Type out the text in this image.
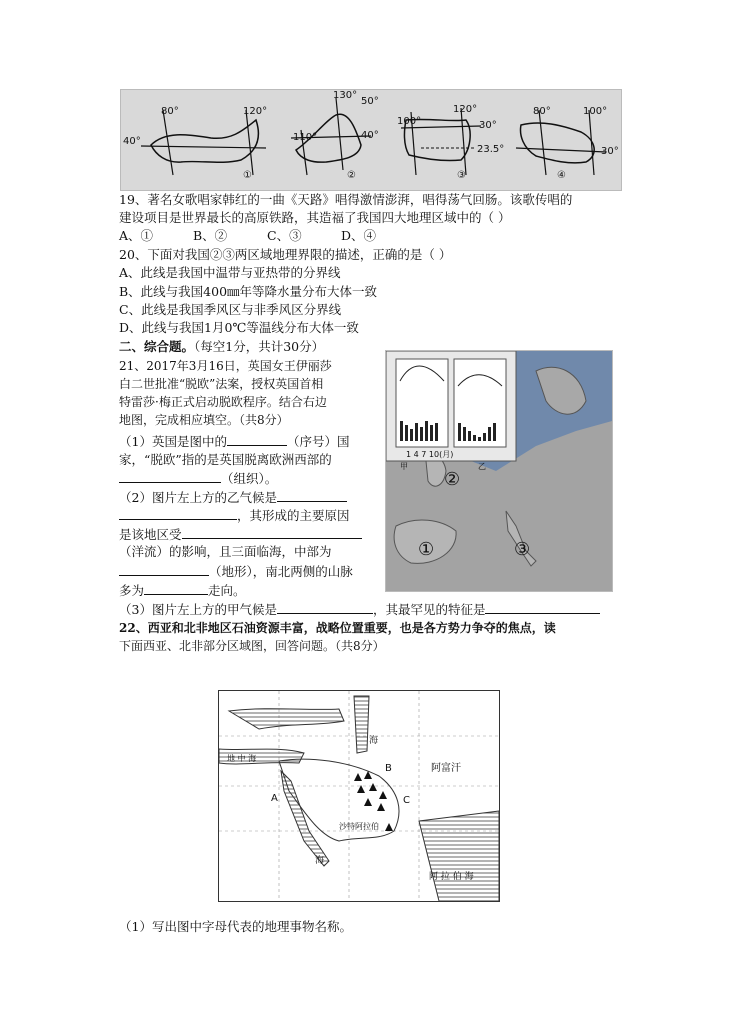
80°	120°
40°
①
130°
50°
110°	40°
②
120°
100°	30°
23.5°
③
80°	100°
30°
④
19、著名女歌唱家韩红的一曲《天路》唱得激情澎湃，唱得荡气回肠。该歌传唱的
建设项目是世界最长的高原铁路，其造福了我国四大地理区域中的（ ）
A、①	B、②	C、③	D、④
20、下面对我国②③两区域地理界限的描述，正确的是（ ）
A、此线是我国中温带与亚热带的分界线
B、此线与我国400㎜年等降水量分布大体一致
C、此线是我国季风区与非季风区分界线
D、此线与我国1月0℃等温线分布大体一致
二、综合题。（每空1分，共计30分）
21、2017年3月16日，英国女王伊丽莎
白二世批准“脱欧”法案，授权英国首相
特雷莎·梅正式启动脱欧程序。结合右边
地图，完成相应填空。（共8分）
②
①	③
1 4 7 10(月)
甲	乙
（1）英国是图中的	（序号）国
家，“脱欧”指的是英国脱离欧洲西部的
（组织）。
（2）图片左上方的乙气候是
，其形成的主要原因
是该地区受
（洋流）的影响，且三面临海，中部为
（地形），南北两侧的山脉
多为	走向。
（3）图片左上方的甲气候是	，其最罕见的特征是
22、西亚和北非地区石油资源丰富，战略位置重要，也是各方势力争夺的焦点，读
下面西亚、北非部分区域图，回答问题。（共8分）
A
B
C
阿富汗
沙特阿拉伯
海
海
阿 拉 伯 海
地 中 海
（1）写出图中字母代表的地理事物名称。
